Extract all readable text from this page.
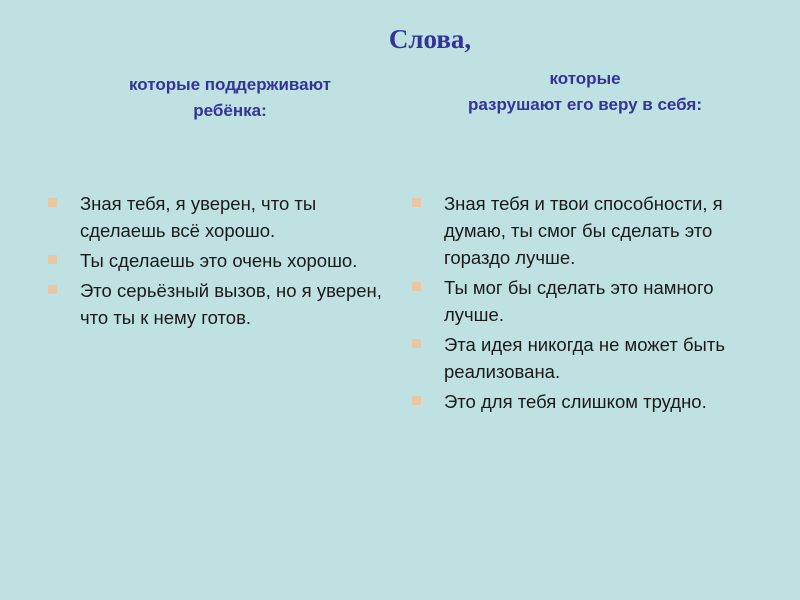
Слова,
которые поддерживают
ребёнка:
которые
разрушают его веру в себя:
Зная тебя, я уверен, что ты сделаешь всё хорошо.
Ты сделаешь это очень хорошо.
Это серьёзный вызов, но я уверен, что ты к нему готов.
Зная тебя и твои способности, я думаю, ты смог бы сделать это гораздо лучше.
Ты мог бы сделать это намного лучше.
Эта идея никогда не может быть реализована.
Это для тебя слишком трудно.
